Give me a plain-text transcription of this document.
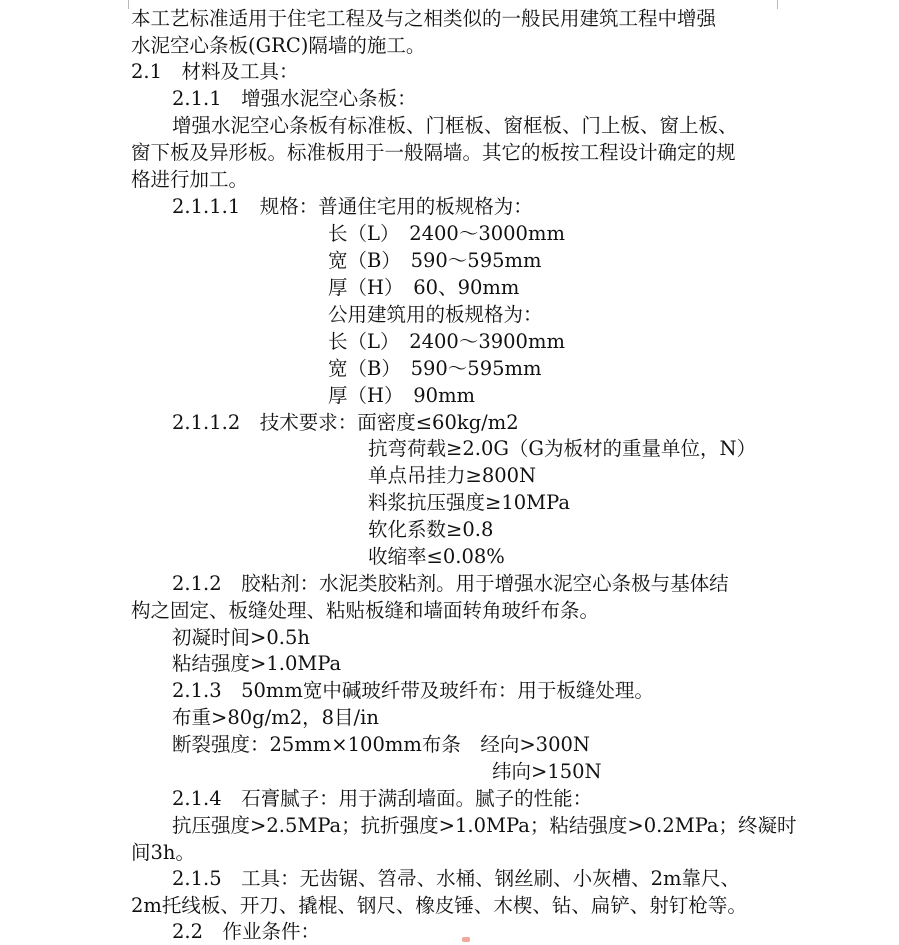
本工艺标准适用于住宅工程及与之相类似的一般民用建筑工程中增强
水泥空心条板(GRC)隔墙的施工。
2.1　材料及工具：
2.1.1　增强水泥空心条板：
增强水泥空心条板有标准板、门框板、窗框板、门上板、窗上板、
窗下板及异形板。标准板用于一般隔墙。其它的板按工程设计确定的规
格进行加工。
2.1.1.1　规格：普通住宅用的板规格为：
长（L）　2400～3000mm
宽（B）　590～595mm
厚（H）　60、90mm
公用建筑用的板规格为：
长（L）　2400～3900mm
宽（B）　590～595mm
厚（H）　90mm
2.1.1.2　技术要求：面密度≤60kg/m2
抗弯荷载≥2.0G（G为板材的重量单位，N）
单点吊挂力≥800N
料浆抗压强度≥10MPa
软化系数≥0.8
收缩率≤0.08%
2.1.2　胶粘剂：水泥类胶粘剂。用于增强水泥空心条极与基体结
构之固定、板缝处理、粘贴板缝和墙面转角玻纤布条。
初凝时间>0.5h
粘结强度>1.0MPa
2.1.3　50mm宽中碱玻纤带及玻纤布：用于板缝处理。
布重>80g/m2，8目/in
断裂强度：25mm×100mm布条　经向>300N
纬向>150N
2.1.4　石膏腻子：用于满刮墙面。腻子的性能：
抗压强度>2.5MPa；抗折强度>1.0MPa；粘结强度>0.2MPa；终凝时
间3h。
2.1.5　工具：无齿锯、笤帚、水桶、钢丝刷、小灰槽、2m靠尺、
2m托线板、开刀、撬棍、钢尺、橡皮锤、木楔、钻、扁铲、射钉枪等。
2.2　作业条件：
